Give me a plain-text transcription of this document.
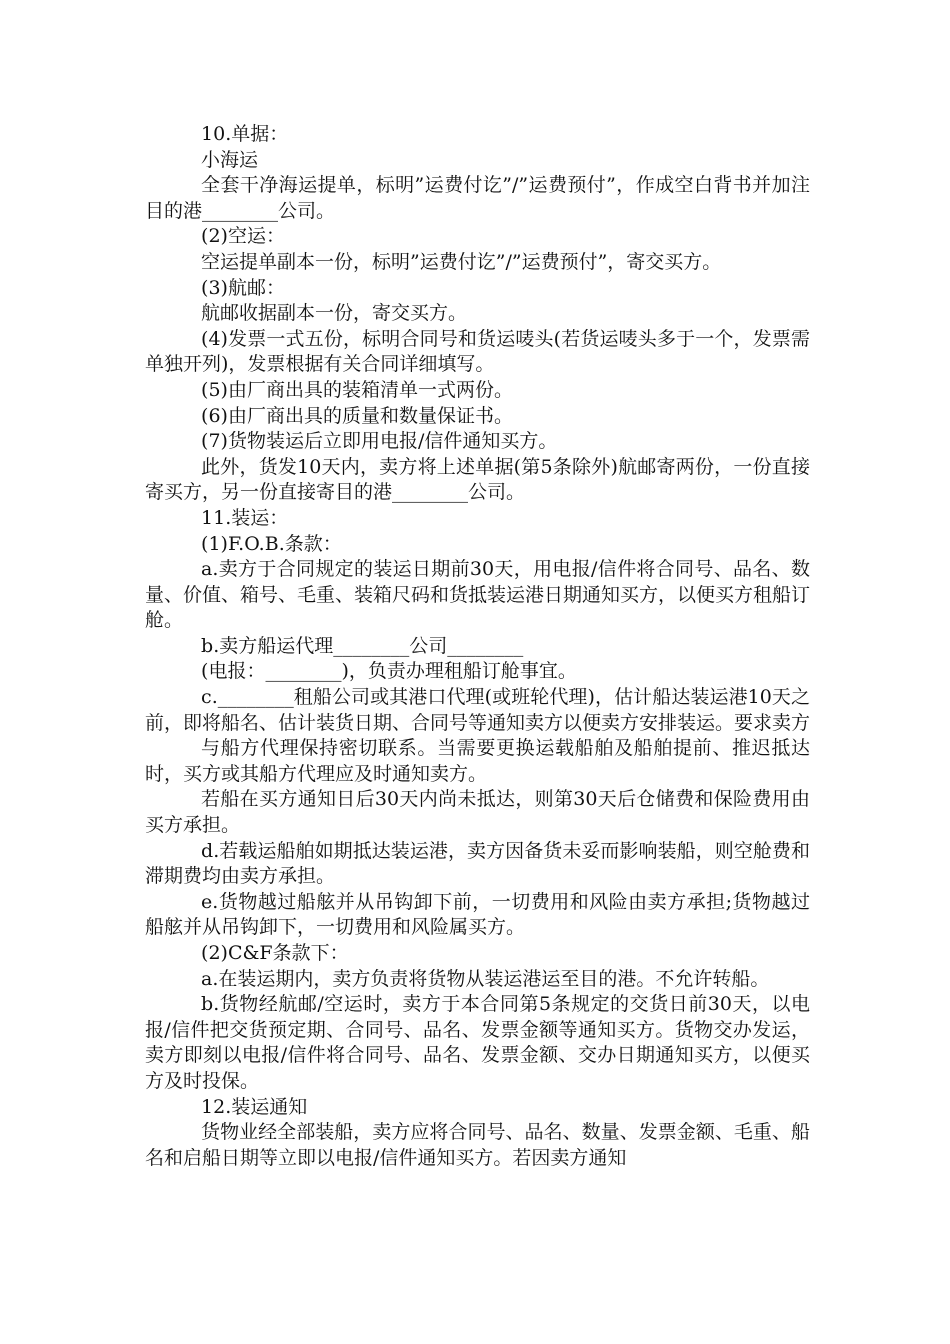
10.单据：

小海运

全套干净海运提单，标明”运费付讫”/”运费预付”，作成空白背书并加注目的港________公司。

(2)空运：

空运提单副本一份，标明”运费付讫”/”运费预付”，寄交买方。

(3)航邮：

航邮收据副本一份，寄交买方。

(4)发票一式五份，标明合同号和货运唛头(若货运唛头多于一个，发票需单独开列)，发票根据有关合同详细填写。

(5)由厂商出具的装箱清单一式两份。

(6)由厂商出具的质量和数量保证书。

(7)货物装运后立即用电报/信件通知买方。

此外，货发10天内，卖方将上述单据(第5条除外)航邮寄两份，一份直接寄买方，另一份直接寄目的港________公司。

11.装运：

(1)F.O.B.条款：

a.卖方于合同规定的装运日期前30天，用电报/信件将合同号、品名、数量、价值、箱号、毛重、装箱尺码和货抵装运港日期通知买方，以便买方租船订舱。

b.卖方船运代理________公司________

(电报：________)，负责办理租船订舱事宜。

c.________租船公司或其港口代理(或班轮代理)，估计船达装运港10天之前，即将船名、估计装货日期、合同号等通知卖方以便卖方安排装运。要求卖方

与船方代理保持密切联系。当需要更换运载船舶及船舶提前、推迟抵达时，买方或其船方代理应及时通知卖方。

若船在买方通知日后30天内尚未抵达，则第30天后仓储费和保险费用由买方承担。

d.若载运船舶如期抵达装运港，卖方因备货未妥而影响装船，则空舱费和滞期费均由卖方承担。

e.货物越过船舷并从吊钩卸下前，一切费用和风险由卖方承担;货物越过船舷并从吊钩卸下，一切费用和风险属买方。

(2)C&F条款下：

a.在装运期内，卖方负责将货物从装运港运至目的港。不允许转船。

b.货物经航邮/空运时，卖方于本合同第5条规定的交货日前30天，以电报/信件把交货预定期、合同号、品名、发票金额等通知买方。货物交办发运，卖方即刻以电报/信件将合同号、品名、发票金额、交办日期通知买方，以便买方及时投保。

12.装运通知

货物业经全部装船，卖方应将合同号、品名、数量、发票金额、毛重、船名和启船日期等立即以电报/信件通知买方。若因卖方通知
